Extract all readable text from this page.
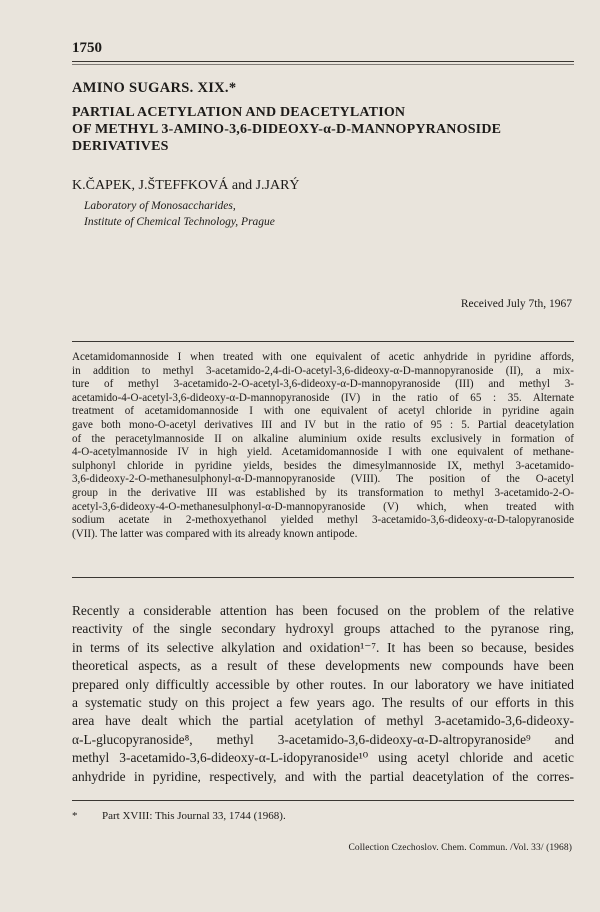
1750
AMINO SUGARS. XIX.*
PARTIAL ACETYLATION AND DEACETYLATION
OF METHYL 3-AMINO-3,6-DIDEOXY-α-D-MANNOPYRANOSIDE
DERIVATIVES
K.ČAPEK, J.ŠTEFFKOVÁ and J.JARÝ
Laboratory of Monosaccharides,
Institute of Chemical Technology, Prague
Received July 7th, 1967
Acetamidomannoside I when treated with one equivalent of acetic anhydride in pyridine affords,
in addition to methyl 3-acetamido-2,4-di-O-acetyl-3,6-dideoxy-α-D-mannopyranoside (II), a mix-
ture of methyl 3-acetamido-2-O-acetyl-3,6-dideoxy-α-D-mannopyranoside (III) and methyl 3-
acetamido-4-O-acetyl-3,6-dideoxy-α-D-mannopyranoside (IV) in the ratio of 65 : 35. Alternate
treatment of acetamidomannoside I with one equivalent of acetyl chloride in pyridine again
gave both mono-O-acetyl derivatives III and IV but in the ratio of 95 : 5. Partial deacetylation
of the peracetylmannoside II on alkaline aluminium oxide results exclusively in formation of
4-O-acetylmannoside IV in high yield. Acetamidomannoside I with one equivalent of methane-
sulphonyl chloride in pyridine yields, besides the dimesylmannoside IX, methyl 3-acetamido-
3,6-dideoxy-2-O-methanesulphonyl-α-D-mannopyranoside (VIII). The position of the O-acetyl
group in the derivative III was established by its transformation to methyl 3-acetamido-2-O-
acetyl-3,6-dideoxy-4-O-methanesulphonyl-α-D-mannopyranoside (V) which, when treated with
sodium acetate in 2-methoxyethanol yielded methyl 3-acetamido-3,6-dideoxy-α-D-talopyranoside
(VII). The latter was compared with its already known antipode.
Recently a considerable attention has been focused on the problem of the relative
reactivity of the single secondary hydroxyl groups attached to the pyranose ring,
in terms of its selective alkylation and oxidation¹⁻⁷. It has been so because, besides
theoretical aspects, as a result of these developments new compounds have been
prepared only difficultly accessible by other routes. In our laboratory we have initiated
a systematic study on this project a few years ago. The results of our efforts in this
area have dealt which the partial acetylation of methyl 3-acetamido-3,6-dideoxy-
α-L-glucopyranoside⁸, methyl 3-acetamido-3,6-dideoxy-α-D-altropyranoside⁹ and
methyl 3-acetamido-3,6-dideoxy-α-L-idopyranoside¹⁰ using acetyl chloride and acetic
anhydride in pyridine, respectively, and with the partial deacetylation of the corres-
* Part XVIII: This Journal 33, 1744 (1968).
Collection Czechoslov. Chem. Commun. /Vol. 33/ (1968)
